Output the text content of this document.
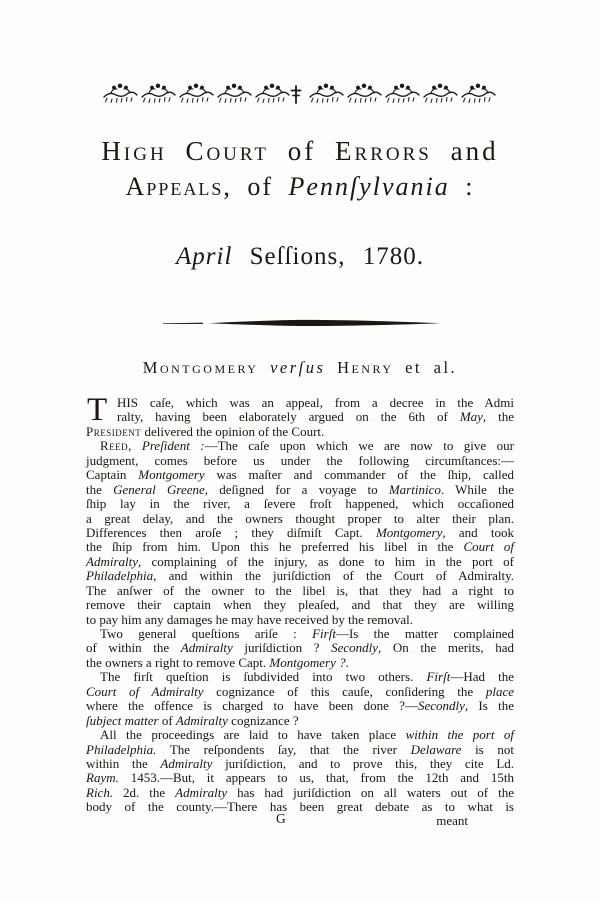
High Court of Errors and
Appeals, of Pennſylvania :
April Seſſions, 1780.
Montgomery verſus Henry et al.
T HIS caſe, which was an appeal, from a decree in the Admi
ralty, having been elaborately argued on the 6th of May, the
President delivered the opinion of the Court.
Reed, Preſident :—The caſe upon which we are now to give our
judgment, comes before us under the following circumſtances:—
Captain Montgomery was maſter and commander of the ſhip, called
the General Greene, deſigned for a voyage to Martinico. While the
ſhip lay in the river, a ſevere froſt happened, which occaſioned
a great delay, and the owners thought proper to alter their plan.
Differences then aroſe ; they diſmiſt Capt. Montgomery, and took
the ſhip from him. Upon this he preferred his libel in the Court of
Admiralty, complaining of the injury, as done to him in the port of
Philadelphia, and within the juriſdiction of the Court of Admiralty.
The anſwer of the owner to the libel is, that they had a right to
remove their captain when they pleaſed, and that they are willing
to pay him any damages he may have received by the removal.
Two general queſtions ariſe : Firſt—Is the matter complained
of within the Admiralty juriſdiction ? Secondly, On the merits, had
the owners a right to remove Capt. Montgomery ?.
The firſt queſtion is ſubdivided into two others. Firſt—Had the
Court of Admiralty cognizance of this cauſe, conſidering the place
where the offence is charged to have been done ?—Secondly, Is the
ſubject matter of Admiralty cognizance ?
All the proceedings are laid to have taken place within the port of
Philadelphia. The reſpondents ſay, that the river Delaware is not
within the Admiralty juriſdiction, and to prove this, they cite Ld.
Raym. 1453.—But, it appears to us, that, from the 12th and 15th
Rich. 2d. the Admiralty has had juriſdiction on all waters out of the
body of the county.—There has been great debate as to what is
G	meant
